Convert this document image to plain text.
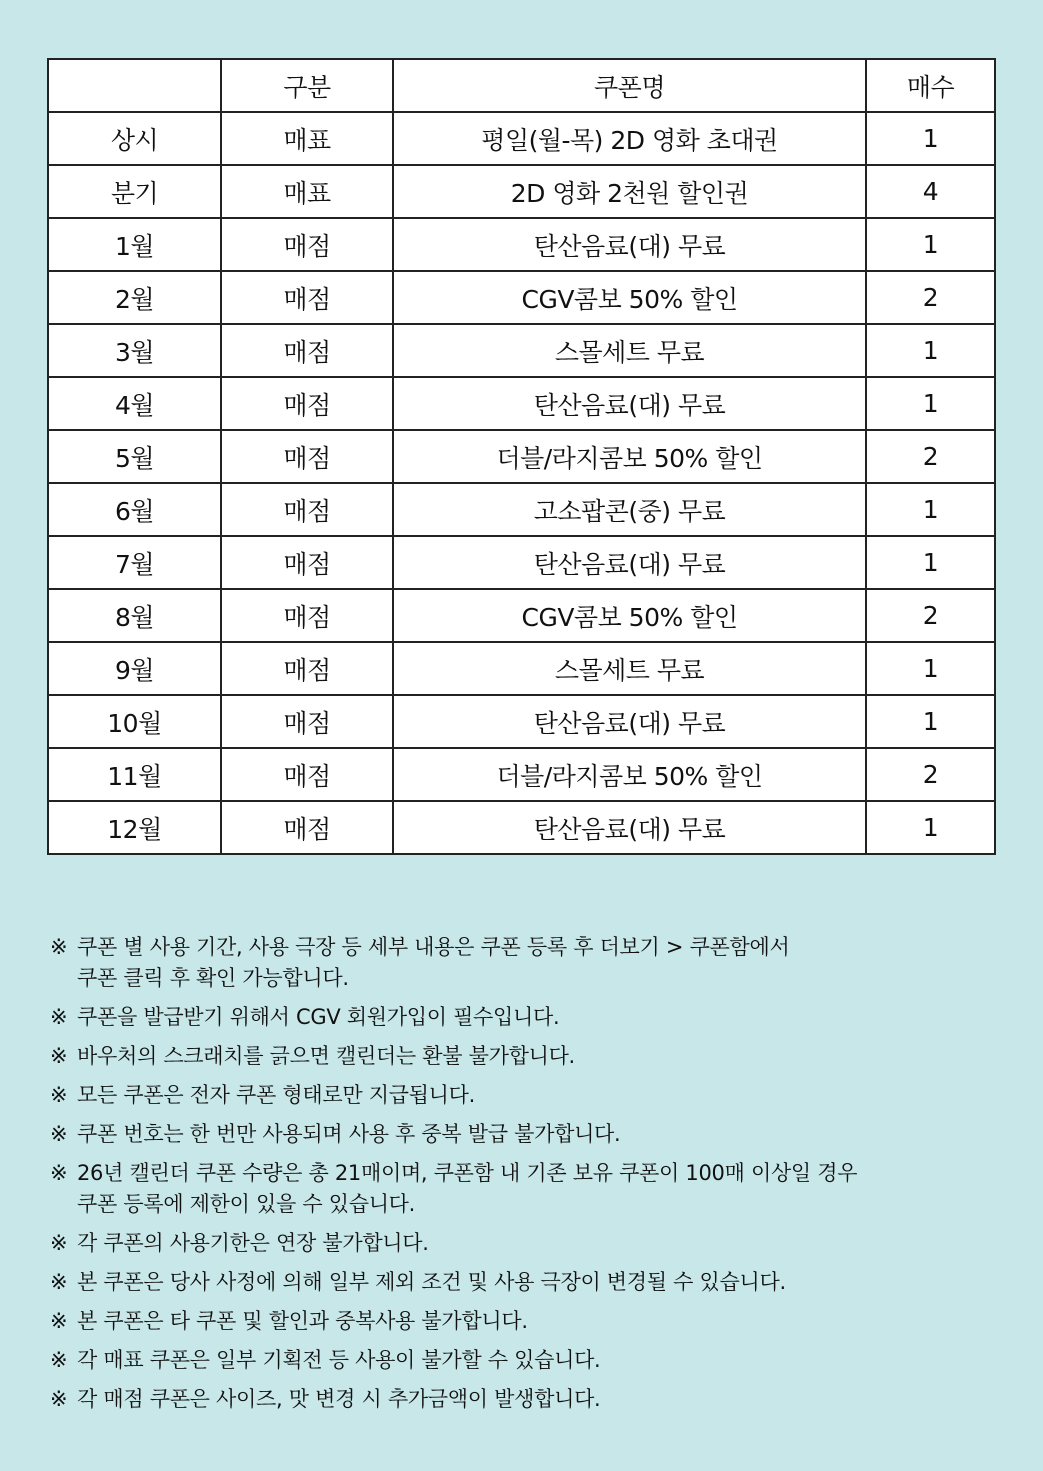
	구분	쿠폰명	매수
상시	매표	평일(월-목) 2D 영화 초대권	1
분기	매표	2D 영화 2천원 할인권	4
1월	매점	탄산음료(대) 무료	1
2월	매점	CGV콤보 50% 할인	2
3월	매점	스몰세트 무료	1
4월	매점	탄산음료(대) 무료	1
5월	매점	더블/라지콤보 50% 할인	2
6월	매점	고소팝콘(중) 무료	1
7월	매점	탄산음료(대) 무료	1
8월	매점	CGV콤보 50% 할인	2
9월	매점	스몰세트 무료	1
10월	매점	탄산음료(대) 무료	1
11월	매점	더블/라지콤보 50% 할인	2
12월	매점	탄산음료(대) 무료	1
※ 쿠폰 별 사용 기간, 사용 극장 등 세부 내용은 쿠폰 등록 후 더보기 > 쿠폰함에서
쿠폰 클릭 후 확인 가능합니다.
※ 쿠폰을 발급받기 위해서 CGV 회원가입이 필수입니다.
※ 바우처의 스크래치를 긁으면 캘린더는 환불 불가합니다.
※ 모든 쿠폰은 전자 쿠폰 형태로만 지급됩니다.
※ 쿠폰 번호는 한 번만 사용되며 사용 후 중복 발급 불가합니다.
※ 26년 캘린더 쿠폰 수량은 총 21매이며, 쿠폰함 내 기존 보유 쿠폰이 100매 이상일 경우
쿠폰 등록에 제한이 있을 수 있습니다.
※ 각 쿠폰의 사용기한은 연장 불가합니다.
※ 본 쿠폰은 당사 사정에 의해 일부 제외 조건 및 사용 극장이 변경될 수 있습니다.
※ 본 쿠폰은 타 쿠폰 및 할인과 중복사용 불가합니다.
※ 각 매표 쿠폰은 일부 기획전 등 사용이 불가할 수 있습니다.
※ 각 매점 쿠폰은 사이즈, 맛 변경 시 추가금액이 발생합니다.
